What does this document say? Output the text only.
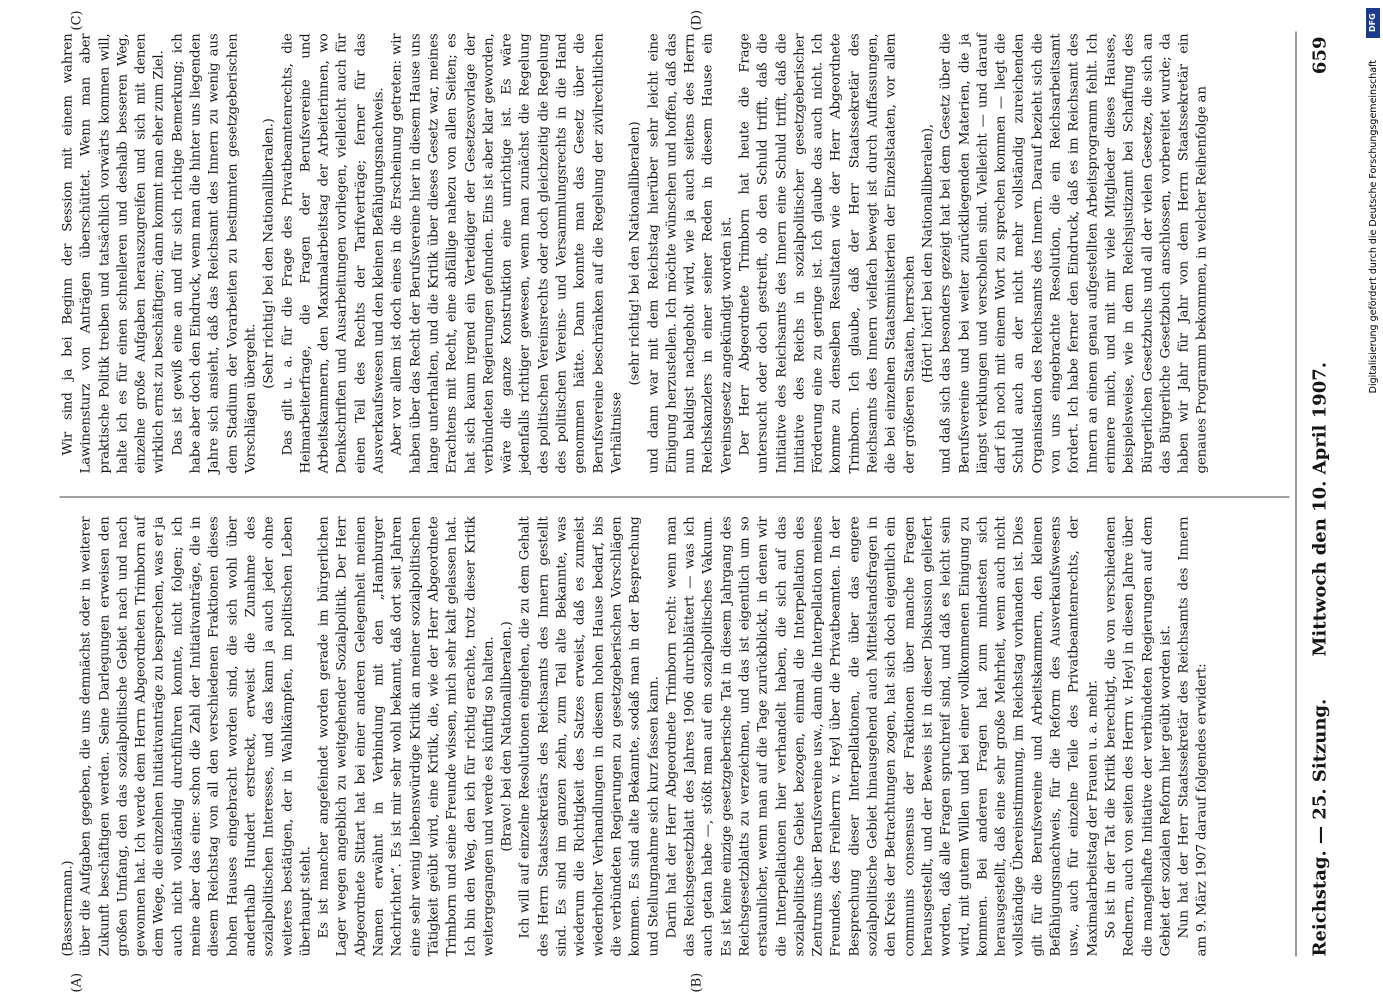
Reichstag. — 25. Sitzung.
Mittwoch den 10. April 1907.
659
(A)	(B)
(C)	(D)

(Bassermann.) über die Aufgaben gegeben, die uns demnächst oder in weiterer Zukunft beschäftigen werden. Seine Darlegungen erweisen den großen Umfang, den das sozialpolitische Gebiet nach und nach gewonnen hat. Ich werde dem Herrn Abgeordneten Trimborn auf dem Wege, die einzelnen Initiativanträge zu besprechen, was er ja auch nicht vollständig durchführen konnte, nicht folgen; ich meine aber das eine: schon die Zahl der Initiativanträge, die in diesem Reichstag von all den verschiedenen Fraktionen dieses hohen Hauses eingebracht worden sind, die sich wohl über anderthalb Hundert erstreckt, erweist die Zunahme des sozialpolitischen Interesses, und das kann ja auch jeder ohne weiteres bestätigen, der in Wahlkämpfen, im politischen Leben überhaupt steht. Es ist mancher angefeindet worden gerade im bürgerlichen Lager wegen angeblich zu weitgehender Sozialpolitik. Der Herr Abgeordnete Sittart hat bei einer anderen Gelegenheit meinen Namen erwähnt in Verbindung mit den „Hamburger Nachrichten“. Es ist mir sehr wohl bekannt, daß dort seit Jahren eine sehr wenig liebenswürdige Kritik an meiner sozialpolitischen Tätigkeit geübt wird, eine Kritik, die, wie der Herr Abgeordnete Trimborn und seine Freunde wissen, mich sehr kalt gelassen hat. Ich bin den Weg, den ich für richtig erachte, trotz dieser Kritik weitergegangen und werde es künftig so halten. (Bravo! bei den Nationalliberalen.) Ich will auf einzelne Resolutionen eingehen, die zu dem Gehalt des Herrn Staatssekretärs des Reichsamts des Innern gestellt sind. Es sind im ganzen zehn, zum Teil alte Bekannte, was wiederum die Richtigkeit des Satzes erweist, daß es zumeist wiederholter Verhandlungen in diesem hohen Hause bedarf, bis die verbündeten Regierungen zu gesetzgeberischen Vorschlägen kommen. Es sind alte Bekannte, sodaß man in der Besprechung und Stellungnahme sich kurz fassen kann. Darin hat der Herr Abgeordnete Trimborn recht: wenn man das Reichsgesetzblatt des Jahres 1906 durchblättert — was ich auch getan habe —, stößt man auf ein sozialpolitisches Vakuum. Es ist keine einzige gesetzgeberische Tat in diesem Jahrgang des Reichsgesetzblatts zu verzeichnen, und das ist eigentlich um so erstaunlicher, wenn man auf die Tage zurückblickt, in denen wir die Interpellationen hier verhandelt haben, die sich auf das sozialpolitische Gebiet bezogen, einmal die Interpellation des Zentrums über Berufsvereine usw., dann die Interpellation meines Freundes, des Freiherrn v. Heyl über die Privatbeamten. In der Besprechung dieser Interpellationen, die über das engere sozialpolitische Gebiet hinausgehend auch Mittelstandsfragen in den Kreis der Betrachtungen zogen, hat sich doch eigentlich ein communis consensus der Fraktionen über manche Fragen herausgestellt, und der Beweis ist in dieser Diskussion geliefert worden, daß alle Fragen spruchreif sind, und daß es leicht sein wird, mit gutem Willen und bei einer vollkommenen Einigung zu kommen. Bei anderen Fragen hat zum mindesten sich herausgestellt, daß eine sehr große Mehrheit, wenn auch nicht vollständige Übereinstimmung, im Reichstag vorhanden ist. Dies gilt für die Berufsvereine und Arbeitskammern, den kleinen Befähigungsnachweis, für die Reform des Ausverkaufswesens usw., auch für einzelne Teile des Privatbeamtenrechts, der Maximalarbeitstag der Frauen u. a. mehr. So ist in der Tat die Kritik berechtigt, die von verschiedenen Rednern, auch von seiten des Herrn v. Heyl in diesen Jahre über die mangelhafte Initiative der verbündeten Regierungen auf dem Gebiet der sozialen Reform hier geübt worden ist. Nun hat der Herr Staatssekretär des Reichsamts des Innern am 9. März 1907 darauf folgendes erwidert:

Wir sind ja bei Beginn der Session mit einem wahren Lawinensturz von Anträgen überschüttet. Wenn man aber praktische Politik treiben und tatsächlich vorwärts kommen will, halte ich es für einen schnelleren und deshalb besseren Weg, einzelne große Aufgaben herauszugreifen und sich mit denen wirklich ernst zu beschäftigen; dann kommt man eher zum Ziel. Das ist gewiß eine an und für sich richtige Bemerkung; ich habe aber doch den Eindruck, wenn man die hinter uns liegenden Jahre sich ansieht, daß das Reichsamt des Innern zu wenig aus dem Stadium der Vorarbeiten zu bestimmten gesetzgeberischen Vorschlägen übergeht.

(Sehr richtig! bei den Nationalliberalen.) Das gilt u. a. für die Frage des Privatbeamtenrechts, die Heimarbeiterfrage, die Fragen der Berufsvereine und Arbeitskammern, den Maximalarbeitstag der Arbeiterinnen, wo Denkschriften und Ausarbeitungen vorliegen, vielleicht auch für einen Teil des Rechts der Tarifverträge; ferner für das Ausverkaufswesen und den kleinen Befähigungsnachweis. Aber vor allem ist doch eines in die Erscheinung getreten: wir haben über das Recht der Berufsvereine hier in diesem Hause uns lange unterhalten, und die Kritik über dieses Gesetz war, meines Erachtens mit Recht, eine abfällige nahezu von allen Seiten; es hat sich kaum irgend ein Verteidiger der Gesetzesvorlage der verbündeten Regierungen gefunden. Eins ist aber klar geworden, wäre die ganze Konstruktion eine unrichtige ist. Es wäre jedenfalls richtiger gewesen, wenn man zunächst die Regelung des politischen Vereinsrechts oder doch gleichzeitig die Regelung des politischen Vereins- und Versammlungsrechts in die Hand genommen hätte. Dann konnte man das Gesetz über die Berufsvereine beschränken auf die Regelung der zivilrechtlichen Verhältnisse

(sehr richtig! bei den Nationalliberalen) und dann war mit dem Reichstag hierüber sehr leicht eine Einigung herzustellen. Ich möchte wünschen und hoffen, daß das nun baldigst nachgeholt wird, wie ja auch seitens des Herrn Reichskanzlers in einer seiner Reden in diesem Hause ein Vereinsgesetz angekündigt worden ist. Der Herr Abgeordnete Trimborn hat heute die Frage untersucht oder doch gestreift, ob den Schuld trifft, daß die Initiative des Reichsamts des Innern eine Schuld trifft, daß die Initiative des Reichs in sozialpolitischer gesetzgeberischer Förderung eine zu geringe ist. Ich glaube das auch nicht. Ich komme zu denselben Resultaten wie der Herr Abgeordnete Trimborn. Ich glaube, daß der Herr Staatssekretär des Reichsamts des Innern vielfach bewegt ist durch Auffassungen, die bei einzelnen Staatsministerien der Einzelstaaten, vor allem der größeren Staaten, herrschen (Hört! hört! bei den Nationalliberalen), und daß sich das besonders gezeigt hat bei dem Gesetz über die Berufsvereine und bei weiter zurückliegenden Materien, die ja längst verklungen und verschollen sind. Vielleicht — und darauf darf ich noch mit einem Wort zu sprechen kommen — liegt die Schuld auch an der nicht mehr vollständig zureichenden Organisation des Reichsamts des Innern. Darauf bezieht sich die von uns eingebrachte Resolution, die ein Reichsarbeitsamt fordert. Ich habe ferner den Eindruck, daß es im Reichsamt des Innern an einem genau aufgestellten Arbeitsprogramm fehlt. Ich erinnere mich, und mit mir viele Mitglieder dieses Hauses, beispielsweise, wie in dem Reichsjustizamt bei Schaffung des Bürgerlichen Gesetzbuchs und all der vielen Gesetze, die sich an das Bürgerliche Gesetzbuch anschlossen, vorbereitet wurde; da haben wir Jahr für Jahr von dem Herrn Staatssekretär ein genaues Programm bekommen, in welcher Reihenfolge an	Digitalisierung gefördert durch die Deutsche Forschungsgemeinschaft
DFG
